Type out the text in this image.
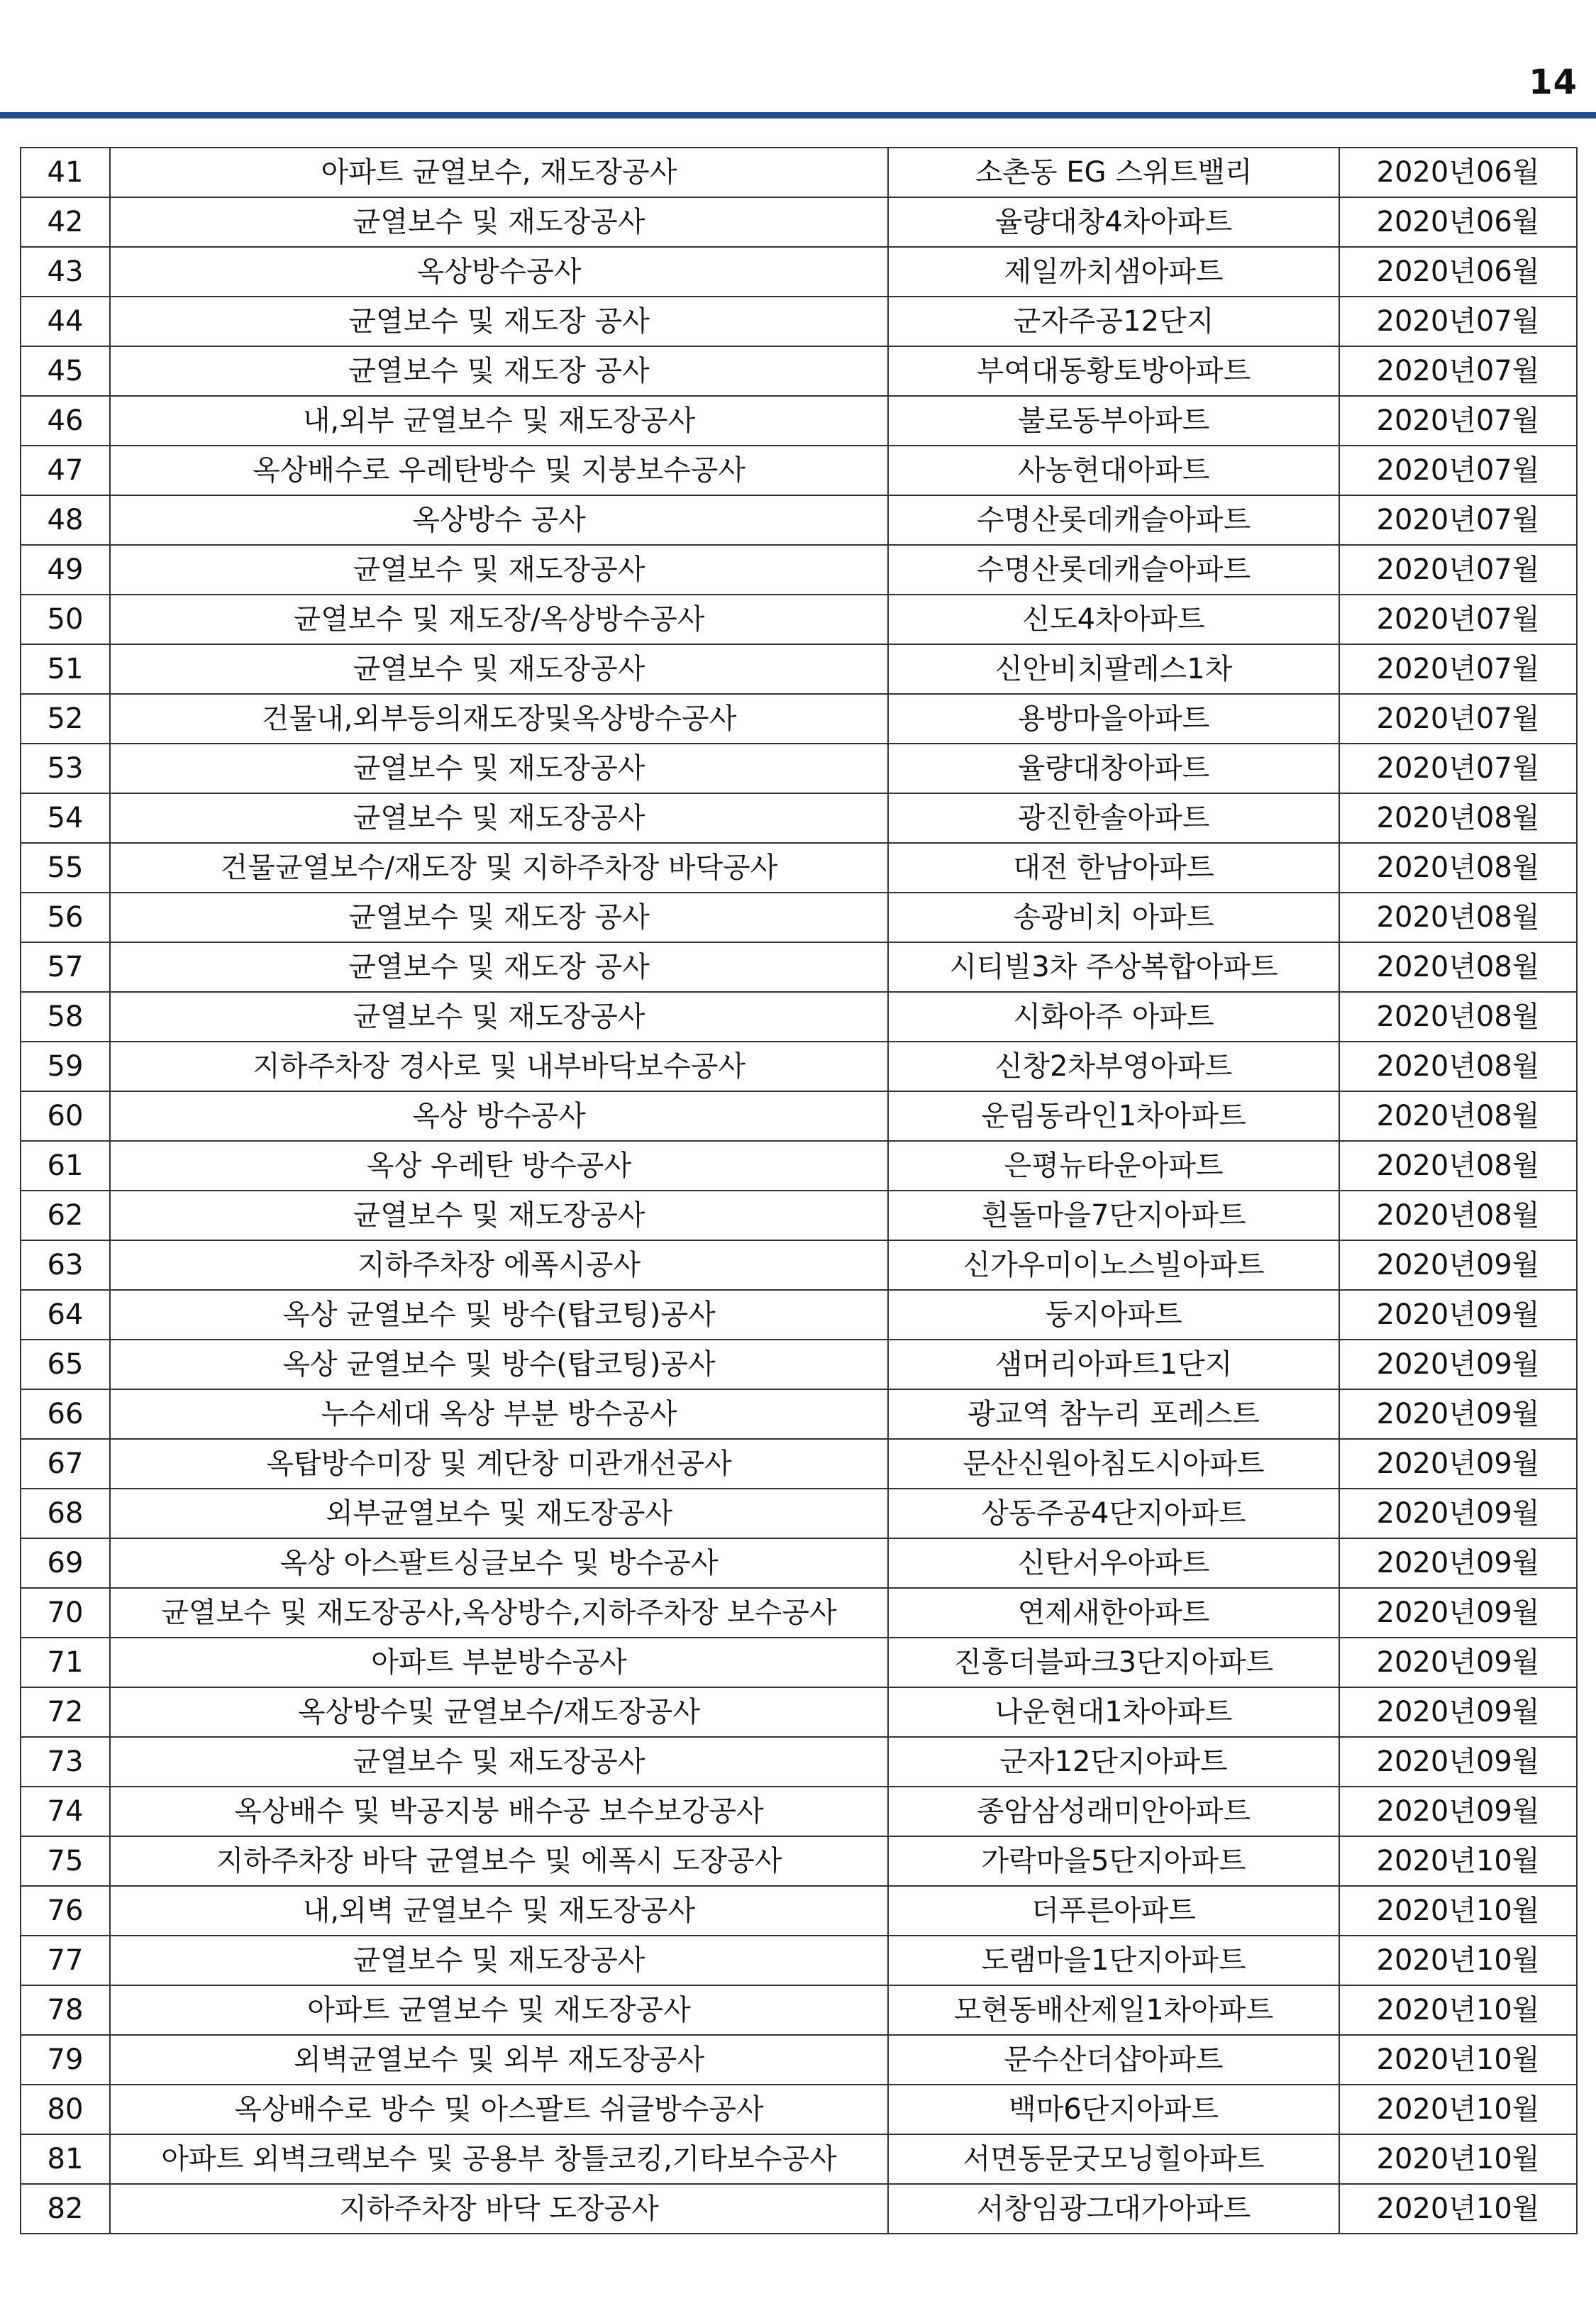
14
41	아파트 균열보수, 재도장공사	소촌동 EG 스위트밸리	2020년06월
42	균열보수 및 재도장공사	율량대창4차아파트	2020년06월
43	옥상방수공사	제일까치샘아파트	2020년06월
44	균열보수 및 재도장 공사	군자주공12단지	2020년07월
45	균열보수 및 재도장 공사	부여대동황토방아파트	2020년07월
46	내,외부 균열보수 및 재도장공사	불로동부아파트	2020년07월
47	옥상배수로 우레탄방수 및 지붕보수공사	사농현대아파트	2020년07월
48	옥상방수 공사	수명산롯데캐슬아파트	2020년07월
49	균열보수 및 재도장공사	수명산롯데캐슬아파트	2020년07월
50	균열보수 및 재도장/옥상방수공사	신도4차아파트	2020년07월
51	균열보수 및 재도장공사	신안비치팔레스1차	2020년07월
52	건물내,외부등의재도장및옥상방수공사	용방마을아파트	2020년07월
53	균열보수 및 재도장공사	율량대창아파트	2020년07월
54	균열보수 및 재도장공사	광진한솔아파트	2020년08월
55	건물균열보수/재도장 및 지하주차장 바닥공사	대전 한남아파트	2020년08월
56	균열보수 및 재도장 공사	송광비치 아파트	2020년08월
57	균열보수 및 재도장 공사	시티빌3차 주상복합아파트	2020년08월
58	균열보수 및 재도장공사	시화아주 아파트	2020년08월
59	지하주차장 경사로 및 내부바닥보수공사	신창2차부영아파트	2020년08월
60	옥상 방수공사	운림동라인1차아파트	2020년08월
61	옥상 우레탄 방수공사	은평뉴타운아파트	2020년08월
62	균열보수 및 재도장공사	흰돌마을7단지아파트	2020년08월
63	지하주차장 에폭시공사	신가우미이노스빌아파트	2020년09월
64	옥상 균열보수 및 방수(탑코팅)공사	둥지아파트	2020년09월
65	옥상 균열보수 및 방수(탑코팅)공사	샘머리아파트1단지	2020년09월
66	누수세대 옥상 부분 방수공사	광교역 참누리 포레스트	2020년09월
67	옥탑방수미장 및 계단창 미관개선공사	문산신원아침도시아파트	2020년09월
68	외부균열보수 및 재도장공사	상동주공4단지아파트	2020년09월
69	옥상 아스팔트싱글보수 및 방수공사	신탄서우아파트	2020년09월
70	균열보수 및 재도장공사,옥상방수,지하주차장 보수공사	연제새한아파트	2020년09월
71	아파트 부분방수공사	진흥더블파크3단지아파트	2020년09월
72	옥상방수및 균열보수/재도장공사	나운현대1차아파트	2020년09월
73	균열보수 및 재도장공사	군자12단지아파트	2020년09월
74	옥상배수 및 박공지붕 배수공 보수보강공사	종암삼성래미안아파트	2020년09월
75	지하주차장 바닥 균열보수 및 에폭시 도장공사	가락마을5단지아파트	2020년10월
76	내,외벽 균열보수 및 재도장공사	더푸른아파트	2020년10월
77	균열보수 및 재도장공사	도램마을1단지아파트	2020년10월
78	아파트 균열보수 및 재도장공사	모현동배산제일1차아파트	2020년10월
79	외벽균열보수 및 외부 재도장공사	문수산더샵아파트	2020년10월
80	옥상배수로 방수 및 아스팔트 쉬글방수공사	백마6단지아파트	2020년10월
81	아파트 외벽크랙보수 및 공용부 창틀코킹,기타보수공사	서면동문굿모닝힐아파트	2020년10월
82	지하주차장 바닥 도장공사	서창임광그대가아파트	2020년10월
